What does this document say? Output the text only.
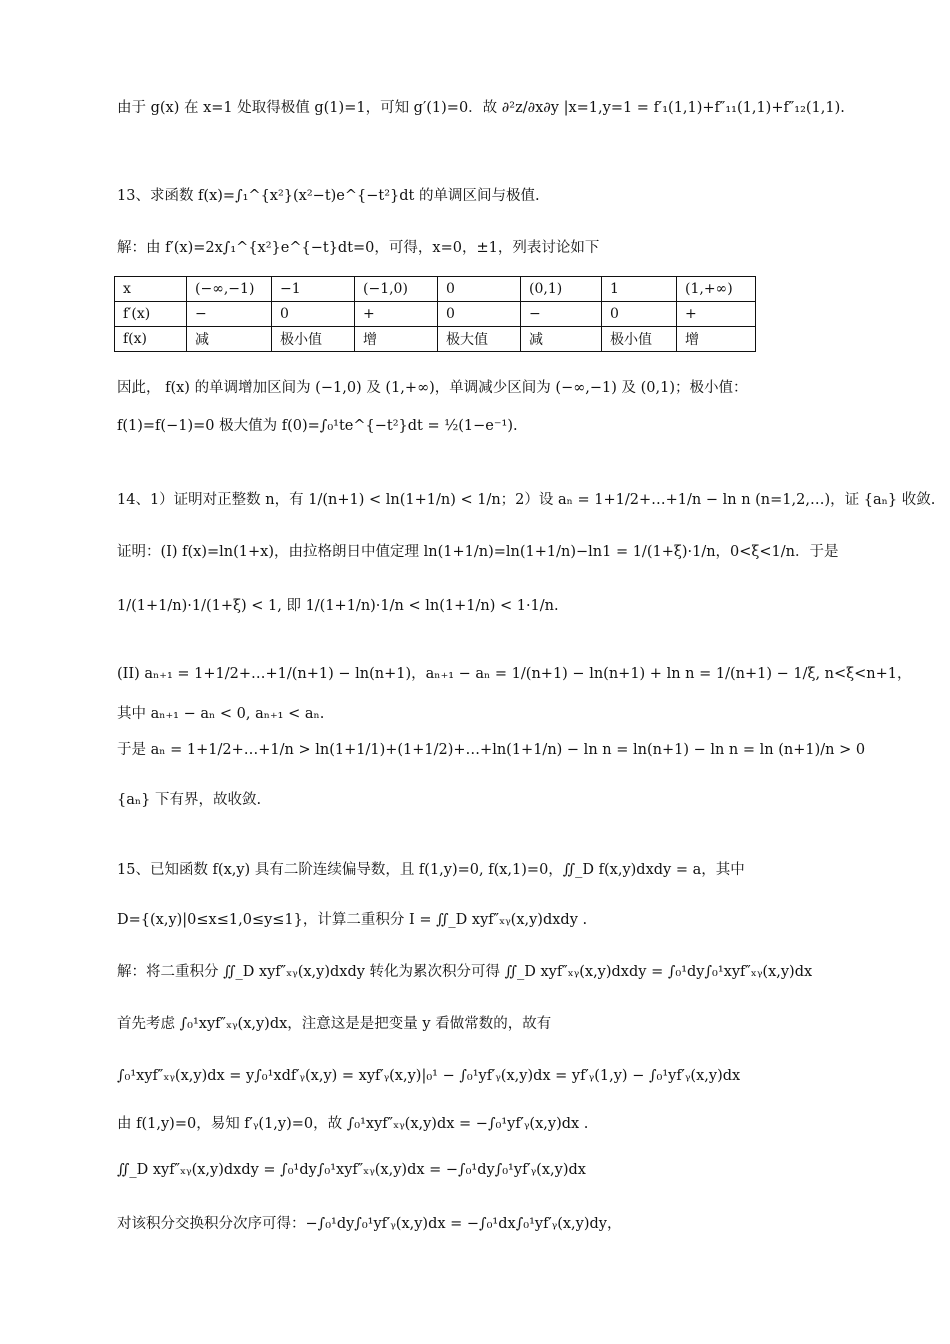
由于 g(x) 在 x=1 处取得极值 g(1)=1，可知 g′(1)=0．故 ∂²z/∂x∂y |x=1,y=1 = f′₁(1,1)+f″₁₁(1,1)+f″₁₂(1,1).
13、求函数 f(x)=∫₁^{x²}(x²−t)e^{−t²}dt 的单调区间与极值.
解：由 f′(x)=2x∫₁^{x²}e^{−t}dt=0，可得，x=0，±1，列表讨论如下
x	(−∞,−1)	−1	(−1,0)	0	(0,1)	1	(1,+∞)
f′(x)	−	0	+	0	−	0	+
f(x)	减	极小值	增	极大值	减	极小值	增
因此， f(x) 的单调增加区间为 (−1,0) 及 (1,+∞)，单调减少区间为 (−∞,−1) 及 (0,1)；极小值：
f(1)=f(−1)=0 极大值为 f(0)=∫₀¹te^{−t²}dt = ½(1−e⁻¹).
14、1）证明对正整数 n，有 1/(n+1) < ln(1+1/n) < 1/n；2）设 aₙ = 1+1/2+…+1/n − ln n (n=1,2,…)，证 {aₙ} 收敛.
证明：(I) f(x)=ln(1+x)，由拉格朗日中值定理 ln(1+1/n)=ln(1+1/n)−ln1 = 1/(1+ξ)·1/n，0<ξ<1/n．于是
1/(1+1/n)·1/(1+ξ) < 1, 即 1/(1+1/n)·1/n < ln(1+1/n) < 1·1/n.
(II) aₙ₊₁ = 1+1/2+…+1/(n+1) − ln(n+1)，aₙ₊₁ − aₙ = 1/(n+1) − ln(n+1) + ln n = 1/(n+1) − 1/ξ, n<ξ<n+1，
其中 aₙ₊₁ − aₙ < 0, aₙ₊₁ < aₙ.
于是 aₙ = 1+1/2+…+1/n > ln(1+1/1)+(1+1/2)+…+ln(1+1/n) − ln n = ln(n+1) − ln n = ln (n+1)/n > 0
{aₙ} 下有界，故收敛.
15、已知函数 f(x,y) 具有二阶连续偏导数，且 f(1,y)=0, f(x,1)=0，∬_D f(x,y)dxdy = a，其中
D={(x,y)|0≤x≤1,0≤y≤1}，计算二重积分 I = ∬_D xyf″ₓᵧ(x,y)dxdy .
解：将二重积分 ∬_D xyf″ₓᵧ(x,y)dxdy 转化为累次积分可得 ∬_D xyf″ₓᵧ(x,y)dxdy = ∫₀¹dy∫₀¹xyf″ₓᵧ(x,y)dx
首先考虑 ∫₀¹xyf″ₓᵧ(x,y)dx，注意这是是把变量 y 看做常数的，故有
∫₀¹xyf″ₓᵧ(x,y)dx = y∫₀¹xdf′ᵧ(x,y) = xyf′ᵧ(x,y)|₀¹ − ∫₀¹yf′ᵧ(x,y)dx = yf′ᵧ(1,y) − ∫₀¹yf′ᵧ(x,y)dx
由 f(1,y)=0，易知 f′ᵧ(1,y)=0，故 ∫₀¹xyf″ₓᵧ(x,y)dx = −∫₀¹yf′ᵧ(x,y)dx .
∬_D xyf″ₓᵧ(x,y)dxdy = ∫₀¹dy∫₀¹xyf″ₓᵧ(x,y)dx = −∫₀¹dy∫₀¹yf′ᵧ(x,y)dx
对该积分交换积分次序可得：−∫₀¹dy∫₀¹yf′ᵧ(x,y)dx = −∫₀¹dx∫₀¹yf′ᵧ(x,y)dy，
